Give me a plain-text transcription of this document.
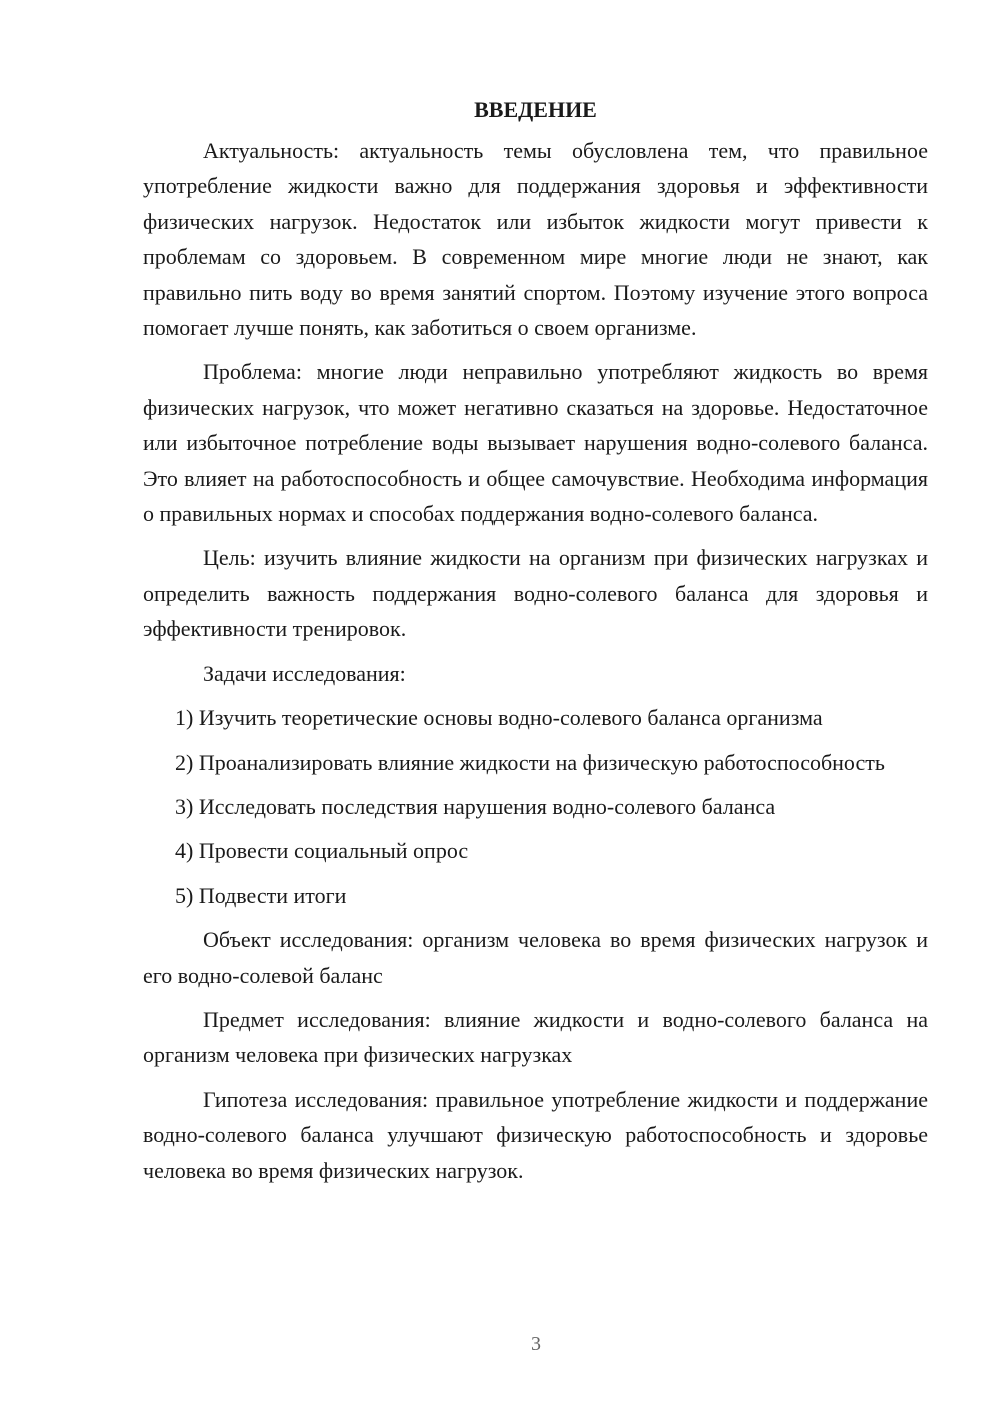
ВВЕДЕНИЕ

Актуальность: актуальность темы обусловлена тем, что правильное употребление жидкости важно для поддержания здоровья и эффективности физических нагрузок. Недостаток или избыток жидкости могут привести к проблемам со здоровьем. В современном мире многие люди не знают, как правильно пить воду во время занятий спортом. Поэтому изучение этого вопроса помогает лучше понять, как заботиться о своем организме.

Проблема: многие люди неправильно употребляют жидкость во время физических нагрузок, что может негативно сказаться на здоровье. Недостаточное или избыточное потребление воды вызывает нарушения водно-солевого баланса. Это влияет на работоспособность и общее самочувствие. Необходима информация о правильных нормах и способах поддержания водно-солевого баланса.

Цель: изучить влияние жидкости на организм при физических нагрузках и определить важность поддержания водно-солевого баланса для здоровья и эффективности тренировок.

Задачи исследования:

1) Изучить теоретические основы водно-солевого баланса организма

2) Проанализировать влияние жидкости на физическую работоспособность

3) Исследовать последствия нарушения водно-солевого баланса

4) Провести социальный опрос

5) Подвести итоги

Объект исследования: организм человека во время физических нагрузок и его водно-солевой баланс

Предмет исследования: влияние жидкости и водно-солевого баланса на организм человека при физических нагрузках

Гипотеза исследования: правильное употребление жидкости и поддержание водно-солевого баланса улучшают физическую работоспособность и здоровье человека во время физических нагрузок.

3
